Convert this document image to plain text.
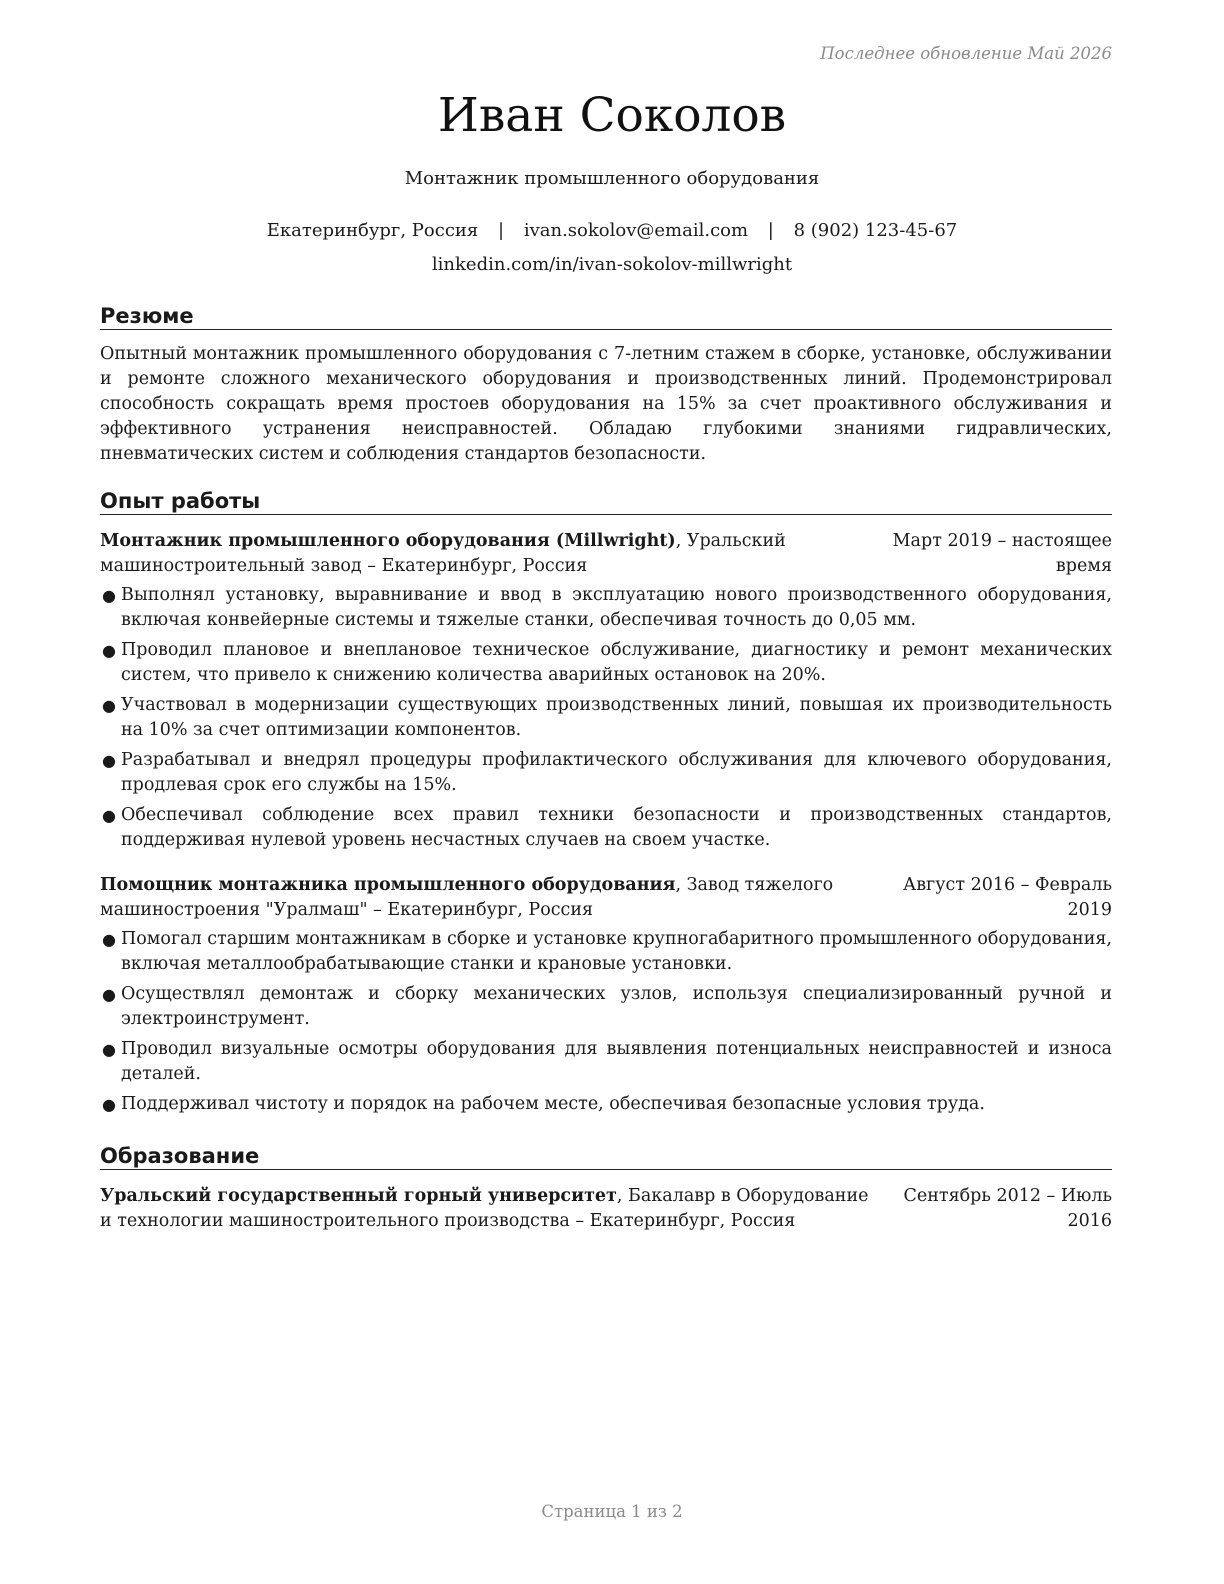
Последнее обновление Май 2026
Иван Соколов
Монтажник промышленного оборудования
Екатеринбург, Россия | ivan.sokolov@email.com | 8 (902) 123-45-67
linkedin.com/in/ivan-sokolov-millwright
Резюме
Опытный монтажник промышленного оборудования с 7-летним стажем в сборке, установке, обслуживании и ремонте сложного механического оборудования и производственных линий. Продемонстрировал способность сокращать время простоев оборудования на 15% за счет проактивного обслуживания и эффективного устранения неисправностей. Обладаю глубокими знаниями гидравлических, пневматических систем и соблюдения стандартов безопасности.
Опыт работы
Монтажник промышленного оборудования (Millwright), Уральский машиностроительный завод – Екатеринбург, Россия
Март 2019 – настоящее время
● Выполнял установку, выравнивание и ввод в эксплуатацию нового производственного оборудования, включая конвейерные системы и тяжелые станки, обеспечивая точность до 0,05 мм.
● Проводил плановое и внеплановое техническое обслуживание, диагностику и ремонт механических систем, что привело к снижению количества аварийных остановок на 20%.
● Участвовал в модернизации существующих производственных линий, повышая их производительность на 10% за счет оптимизации компонентов.
● Разрабатывал и внедрял процедуры профилактического обслуживания для ключевого оборудования, продлевая срок его службы на 15%.
● Обеспечивал соблюдение всех правил техники безопасности и производственных стандартов, поддерживая нулевой уровень несчастных случаев на своем участке.
Помощник монтажника промышленного оборудования, Завод тяжелого машиностроения "Уралмаш" – Екатеринбург, Россия
Август 2016 – Февраль 2019
● Помогал старшим монтажникам в сборке и установке крупногабаритного промышленного оборудования, включая металлообрабатывающие станки и крановые установки.
● Осуществлял демонтаж и сборку механических узлов, используя специализированный ручной и электроинструмент.
● Проводил визуальные осмотры оборудования для выявления потенциальных неисправностей и износа деталей.
● Поддерживал чистоту и порядок на рабочем месте, обеспечивая безопасные условия труда.
Образование
Уральский государственный горный университет, Бакалавр в Оборудование и технологии машиностроительного производства – Екатеринбург, Россия
Сентябрь 2012 – Июль 2016
Страница 1 из 2
